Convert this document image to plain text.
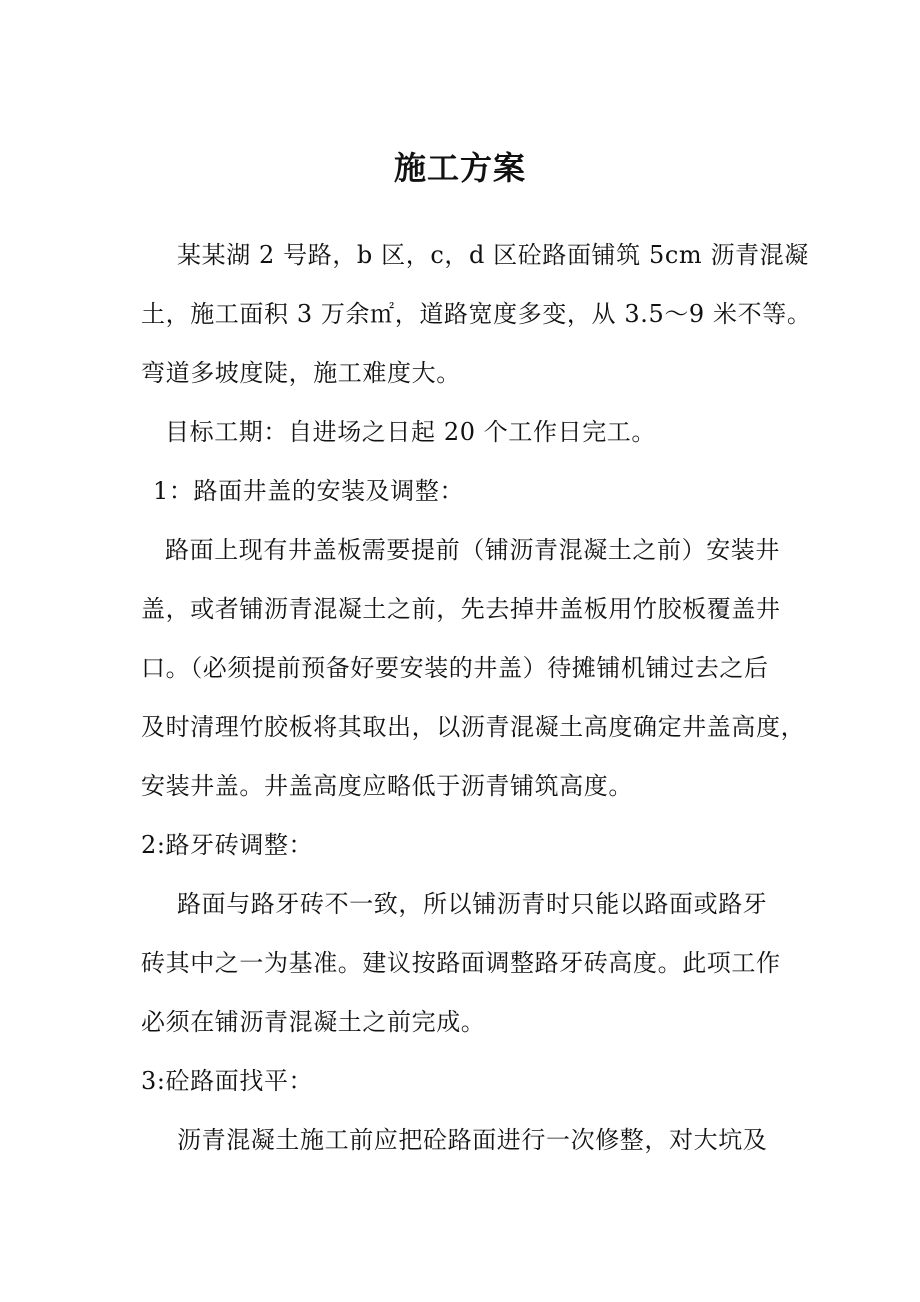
施工方案

某某湖 2 号路，b 区，c，d 区砼路面铺筑 5cm 沥青混凝

土，施工面积 3 万余㎡，道路宽度多变，从 3.5～9 米不等。

弯道多坡度陡，施工难度大。

目标工期：自进场之日起 20 个工作日完工。

1：路面井盖的安装及调整：

路面上现有井盖板需要提前（铺沥青混凝土之前）安装井

盖，或者铺沥青混凝土之前，先去掉井盖板用竹胶板覆盖井

口。（必须提前预备好要安装的井盖）待摊铺机铺过去之后

及时清理竹胶板将其取出，以沥青混凝土高度确定井盖高度，

安装井盖。井盖高度应略低于沥青铺筑高度。

2:路牙砖调整：

路面与路牙砖不一致，所以铺沥青时只能以路面或路牙

砖其中之一为基准。建议按路面调整路牙砖高度。此项工作

必须在铺沥青混凝土之前完成。

3:砼路面找平：

沥青混凝土施工前应把砼路面进行一次修整，对大坑及
